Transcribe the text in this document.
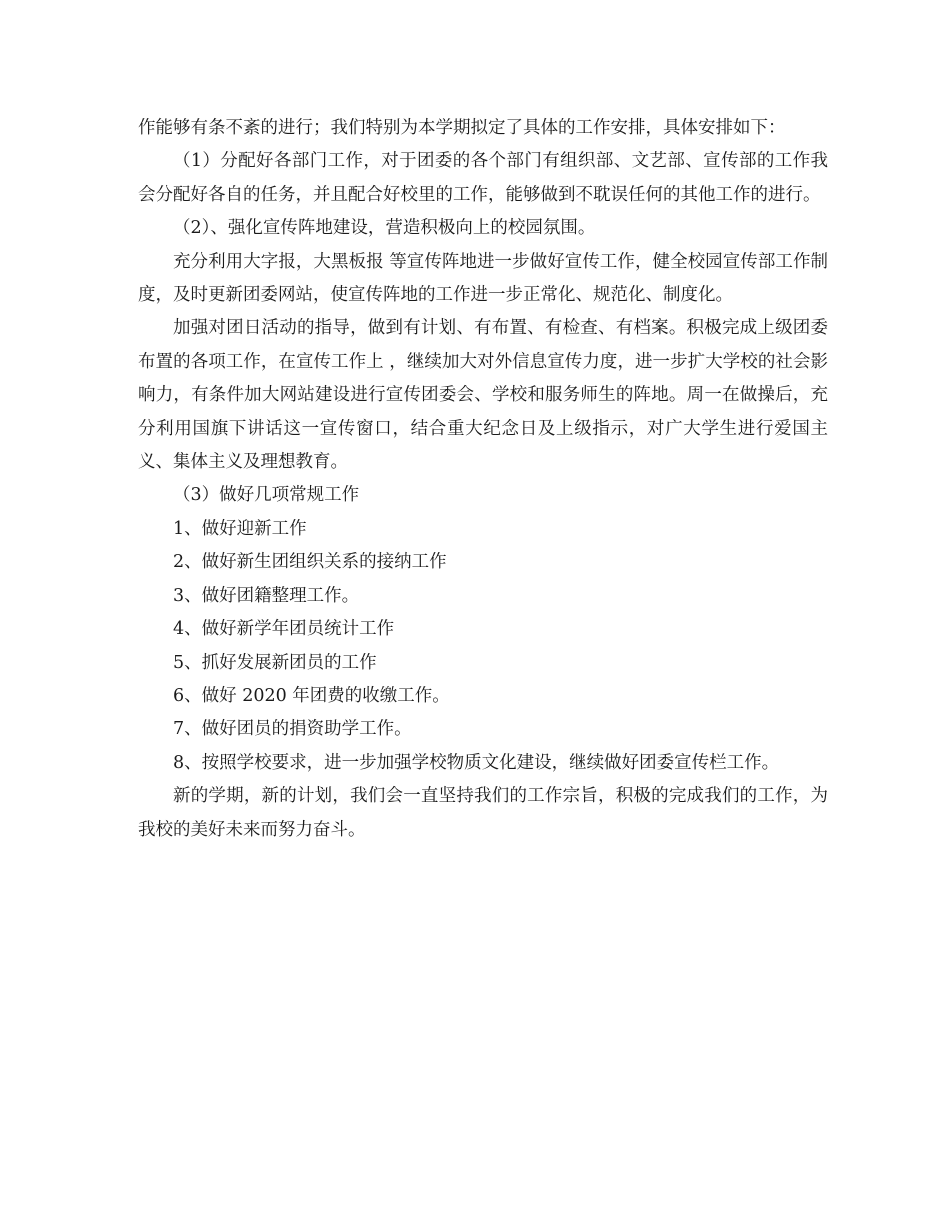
作能够有条不紊的进行；我们特别为本学期拟定了具体的工作安排，具体安排如下：

（1）分配好各部门工作，对于团委的各个部门有组织部、文艺部、宣传部的工作我会分配好各自的任务，并且配合好校里的工作，能够做到不耽误任何的其他工作的进行。

（2）、强化宣传阵地建设，营造积极向上的校园氛围。

充分利用大字报，大黑板报 等宣传阵地进一步做好宣传工作，健全校园宣传部工作制度，及时更新团委网站，使宣传阵地的工作进一步正常化、规范化、制度化。

加强对团日活动的指导，做到有计划、有布置、有检查、有档案。积极完成上级团委布置的各项工作，在宣传工作上 ，继续加大对外信息宣传力度，进一步扩大学校的社会影响力，有条件加大网站建设进行宣传团委会、学校和服务师生的阵地。周一在做操后，充分利用国旗下讲话这一宣传窗口，结合重大纪念日及上级指示，对广大学生进行爱国主义、集体主义及理想教育。

（3）做好几项常规工作

1、做好迎新工作

2、做好新生团组织关系的接纳工作

3、做好团籍整理工作。

4、做好新学年团员统计工作

5、抓好发展新团员的工作

6、做好 2020 年团费的收缴工作。

7、做好团员的捐资助学工作。

8、按照学校要求，进一步加强学校物质文化建设，继续做好团委宣传栏工作。

新的学期，新的计划，我们会一直坚持我们的工作宗旨，积极的完成我们的工作，为我校的美好未来而努力奋斗。
